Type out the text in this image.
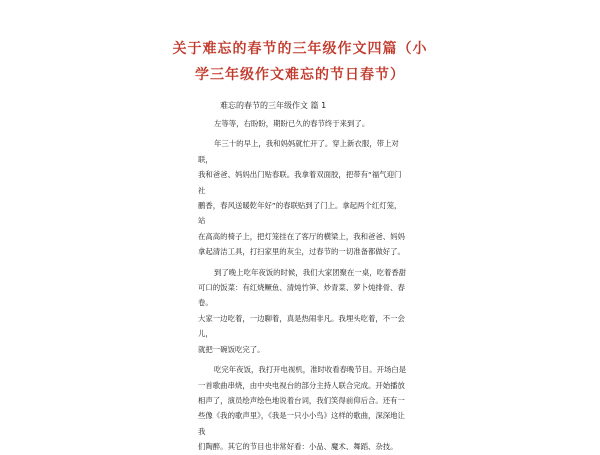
关于难忘的春节的三年级作文四篇（小
学三年级作文难忘的节日春节）
难忘的春节的三年级作文 篇 1

左等等，右盼盼，期盼已久的春节终于来到了。

年三十的早上，我和妈妈就忙开了。穿上新衣服，带上对联，

我和爸爸、妈妈出门贴春联。我拿着双面胶，把带有“福气迎门社

鹏香，春风送暖乾年好”的春联贴到了门上。拿起两个红灯笼，站

在高高的椅子上，把灯笼挂在了客厅的横梁上，我和爸爸、妈妈

拿起清洁工具，打扫家里的灰尘，过春节的一切准备都做好了。

到了晚上吃年夜饭的时候，我们大家团聚在一桌，吃着香甜

可口的饭菜：有红烧鳜鱼、清炖竹笋、炒青菜、萝卜炖排骨、春卷。

大家一边吃着，一边聊着，真是热闹非凡。我埋头吃着，不一会儿，

就把一碗饭吃完了。

吃完年夜饭，我打开电视机，准时收看春晚节目。开场白是

一首歌曲串烧，由中央电视台的部分主持人联合完成。开始播放

相声了，演员绘声绘色地说着台词，我们笑得前仰后合。还有一

些像《我的歌声里》，《我是一只小小鸟》这样的歌曲，深深地让我

们陶醉。其它的节目也非常好看：小品、魔术、舞蹈、杂技。
